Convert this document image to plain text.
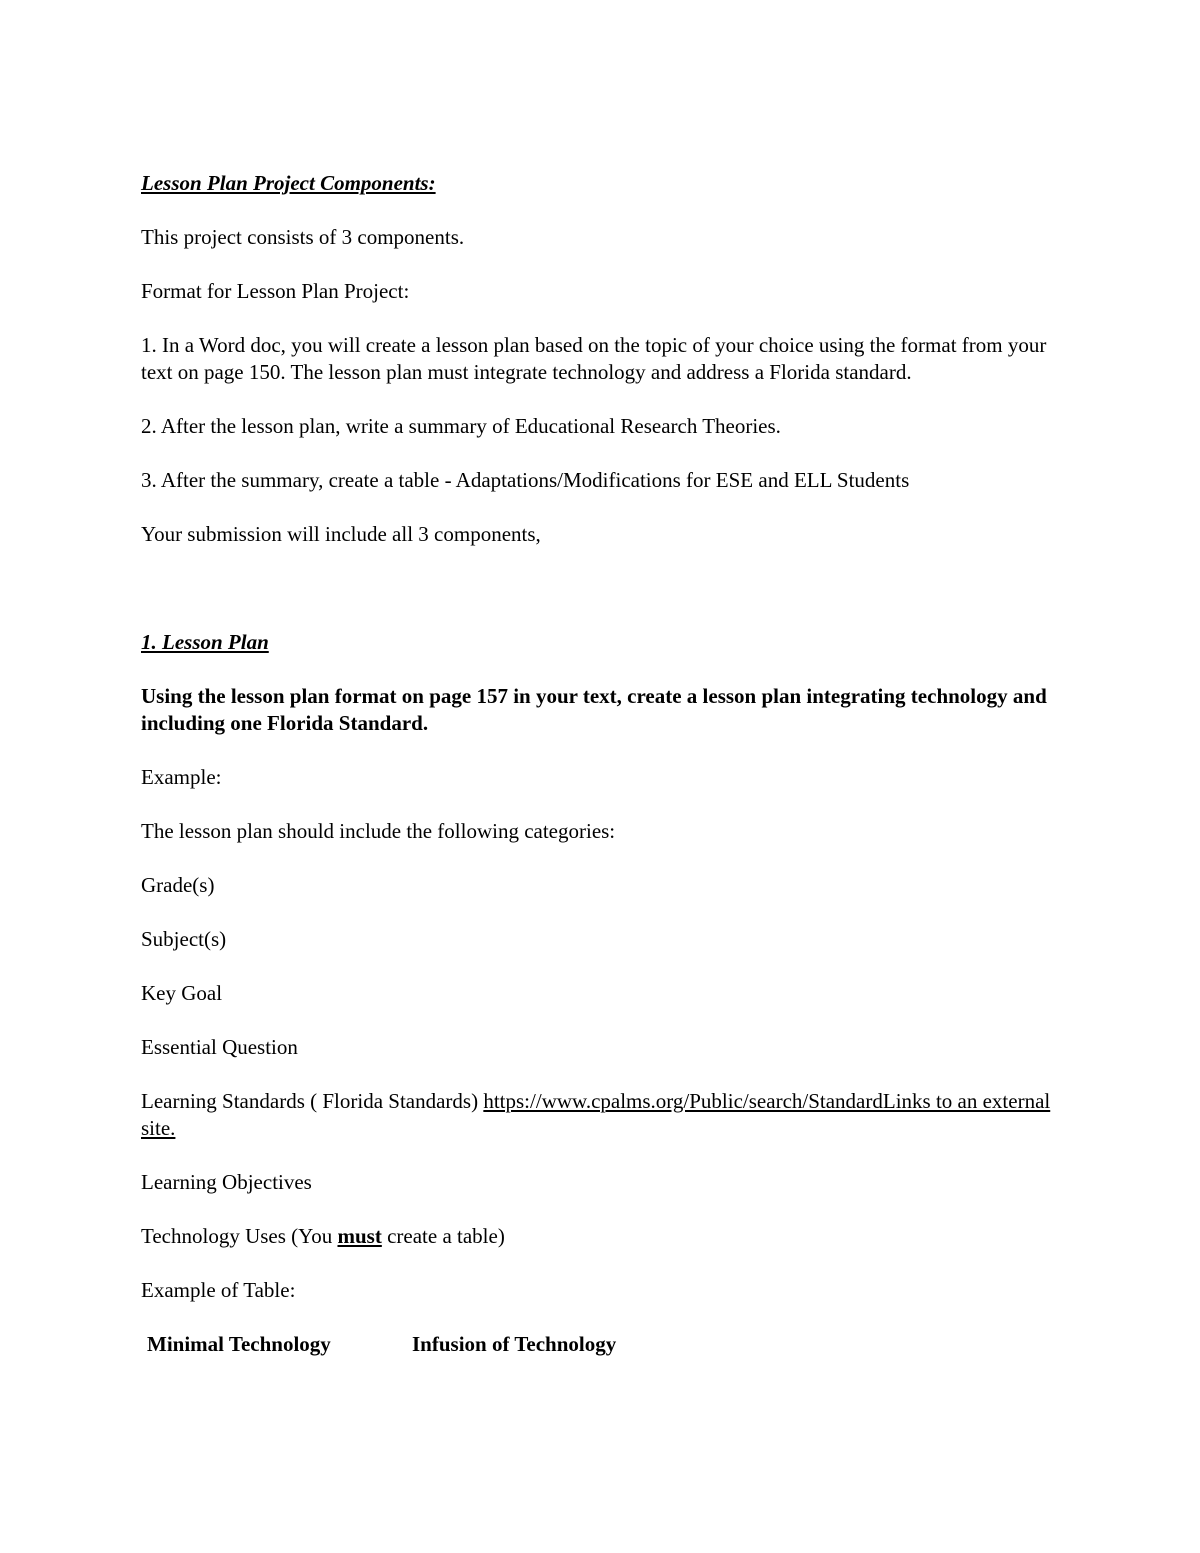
Lesson Plan Project Components:

This project consists of 3 components.

Format for Lesson Plan Project:

1. In a Word doc, you will create a lesson plan based on the topic of your choice using the format from your text on page 150. The lesson plan must integrate technology and address a Florida standard.

2. After the lesson plan, write a summary of Educational Research Theories.

3. After the summary, create a table - Adaptations/Modifications for ESE and ELL Students

Your submission will include all 3 components,

1. Lesson Plan

Using the lesson plan format on page 157 in your text, create a lesson plan integrating technology and including one Florida Standard.

Example:

The lesson plan should include the following categories:

Grade(s)

Subject(s)

Key Goal

Essential Question

Learning Standards ( Florida Standards) https://www.cpalms.org/Public/search/StandardLinks to an external site.

Learning Objectives

Technology Uses (You must create a table)

Example of Table:

Minimal Technology	Infusion of Technology
